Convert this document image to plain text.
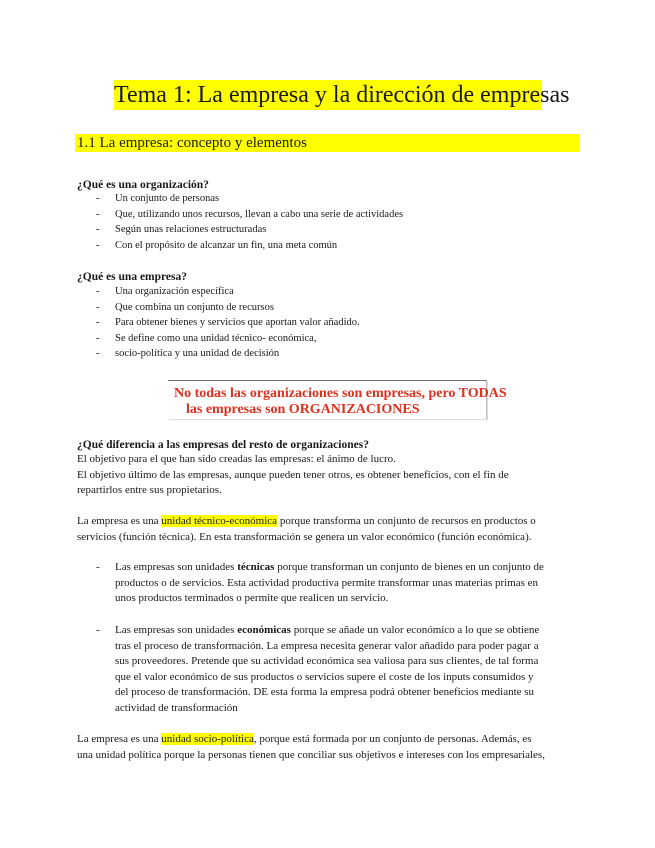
Tema 1: La empresa y la dirección de empresas
1.1 La empresa: concepto y elementos
¿Qué es una organización?
- Un conjunto de personas
- Que, utilizando unos recursos, llevan a cabo una serie de actividades
- Según unas relaciones estructuradas
- Con el propósito de alcanzar un fin, una meta común
¿Qué es una empresa?
- Una organización específica
- Que combina un conjunto de recursos
- Para obtener bienes y servicios que aportan valor añadido.
- Se define como una unidad técnico- económica,
- socio-política y una unidad de decisión
No todas las organizaciones son empresas, pero TODAS
las empresas son ORGANIZACIONES
¿Qué diferencia a las empresas del resto de organizaciones?
El objetivo para el que han sido creadas las empresas: el ánimo de lucro.
El objetivo último de las empresas, aunque pueden tener otros, es obtener beneficios, con el fin de
repartirlos entre sus propietarios.
La empresa es una unidad técnico-económica porque transforma un conjunto de recursos en productos o
servicios (función técnica). En esta transformación se genera un valor económico (función económica).
- Las empresas son unidades técnicas porque transforman un conjunto de bienes en un conjunto de
productos o de servicios. Esta actividad productiva permite transformar unas materias primas en
unos productos terminados o permite que realicen un servicio.
- Las empresas son unidades económicas porque se añade un valor económico a lo que se obtiene
tras el proceso de transformación. La empresa necesita generar valor añadido para poder pagar a
sus proveedores. Pretende que su actividad económica sea valiosa para sus clientes, de tal forma
que el valor económico de sus productos o servicios supere el coste de los inputs consumidos y
del proceso de transformación. DE esta forma la empresa podrá obtener beneficios mediante su
actividad de transformación
La empresa es una unidad socio-política, porque está formada por un conjunto de personas. Además, es
una unidad política porque la personas tienen que conciliar sus objetivos e intereses con los empresariales,
